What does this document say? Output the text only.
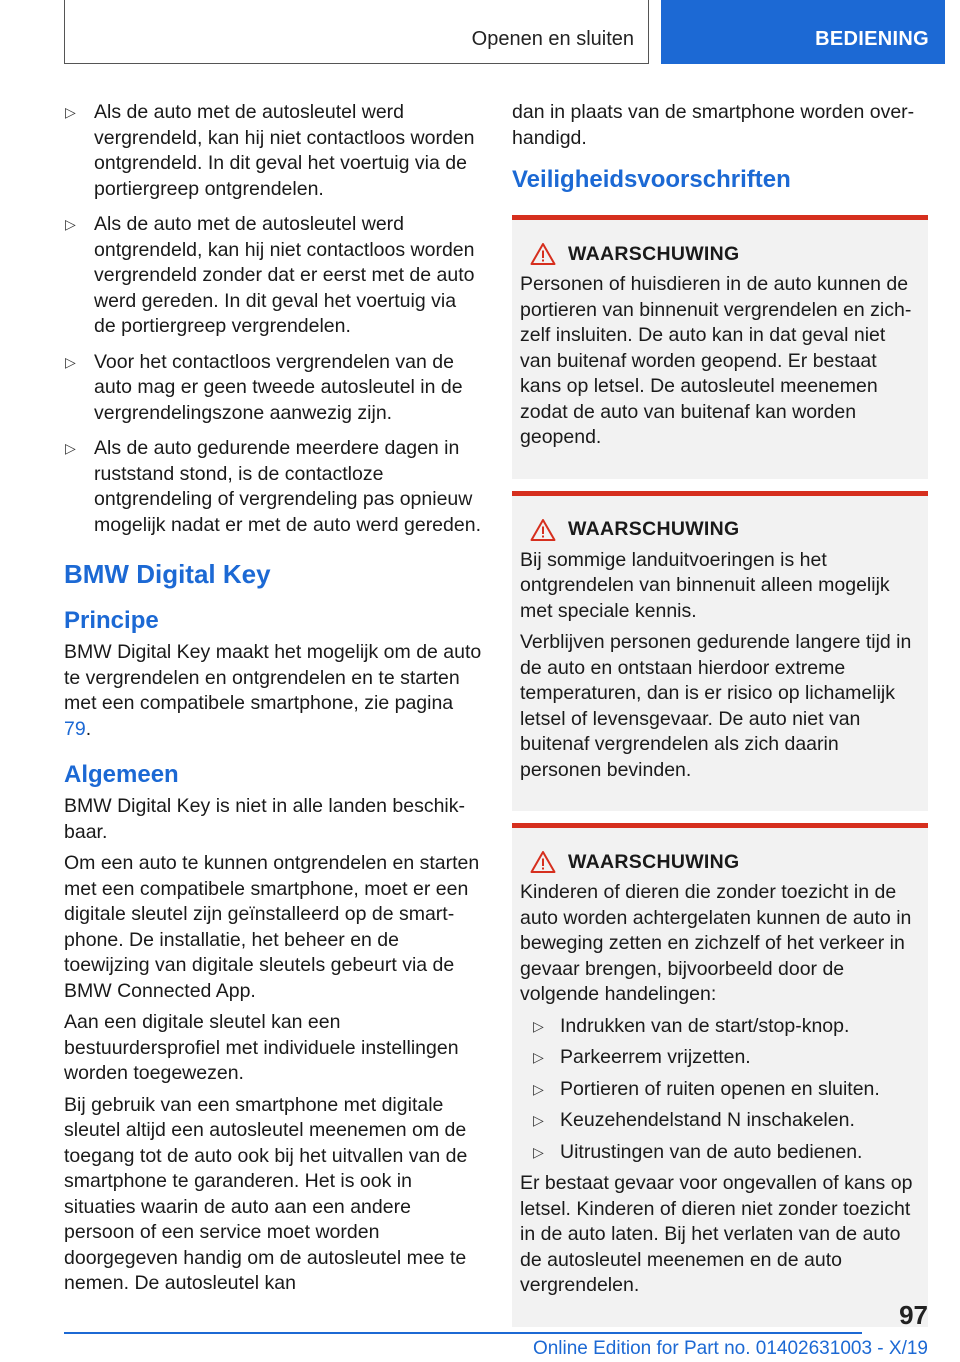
Openen en sluiten	BEDIENING
▷ Als de auto met de autosleutel werd vergrendeld, kan hij niet contactloos worden ontgrendeld. In dit geval het voertuig via de portiergreep ontgrendelen.
▷ Als de auto met de autosleutel werd ontgrendeld, kan hij niet contactloos worden vergrendeld zonder dat er eerst met de auto werd gereden. In dit geval het voertuig via de portiergreep vergrendelen.
▷ Voor het contactloos vergrendelen van de auto mag er geen tweede autosleutel in de vergrendelingszone aanwezig zijn.
▷ Als de auto gedurende meerdere dagen in ruststand stond, is de contactloze ontgrendeling of vergrendeling pas opnieuw mogelijk nadat er met de auto werd gereden.
BMW Digital Key
Principe

BMW Digital Key maakt het mogelijk om de auto te vergrendelen en ontgrendelen en te starten met een compatibele smartphone, zie pagina 79.

Algemeen

BMW Digital Key is niet in alle landen beschikbaar.

Om een auto te kunnen ontgrendelen en starten met een compatibele smartphone, moet er een digitale sleutel zijn geïnstalleerd op de smartphone. De installatie, het beheer en de toewijzing van digitale sleutels gebeurt via de BMW Connected App.

Aan een digitale sleutel kan een bestuurdersprofiel met individuele instellingen worden toegewezen.

Bij gebruik van een smartphone met digitale sleutel altijd een autosleutel meenemen om de toegang tot de auto ook bij het uitvallen van de smartphone te garanderen. Het is ook in situaties waarin de auto aan een andere persoon of een service moet worden doorgegeven handig om de autosleutel mee te nemen. De autosleutel kan

dan in plaats van de smartphone worden overhandigd.

Veiligheidsvoorschriften
WAARSCHUWING

Personen of huisdieren in de auto kunnen de portieren van binnenuit vergrendelen en zichzelf insluiten. De auto kan in dat geval niet van buitenaf worden geopend. Er bestaat kans op letsel. De autosleutel meenemen zodat de auto van buitenaf kan worden geopend.

WAARSCHUWING

Bij sommige landuitvoeringen is het ontgrendelen van binnenuit alleen mogelijk met speciale kennis.

Verblijven personen gedurende langere tijd in de auto en ontstaan hierdoor extreme temperaturen, dan is er risico op lichamelijk letsel of levensgevaar. De auto niet van buitenaf vergrendelen als zich daarin personen bevinden.

WAARSCHUWING

Kinderen of dieren die zonder toezicht in de auto worden achtergelaten kunnen de auto in beweging zetten en zichzelf of het verkeer in gevaar brengen, bijvoorbeeld door de volgende handelingen:

▷ Indrukken van de start/stop-knop.
▷ Parkeerrem vrijzetten.
▷ Portieren of ruiten openen en sluiten.
▷ Keuzehendelstand N inschakelen.
▷ Uitrustingen van de auto bedienen.

Er bestaat gevaar voor ongevallen of kans op letsel. Kinderen of dieren niet zonder toezicht in de auto laten. Bij het verlaten van de auto de autosleutel meenemen en de auto vergrendelen.

97
Online Edition for Part no. 01402631003 - X/19
